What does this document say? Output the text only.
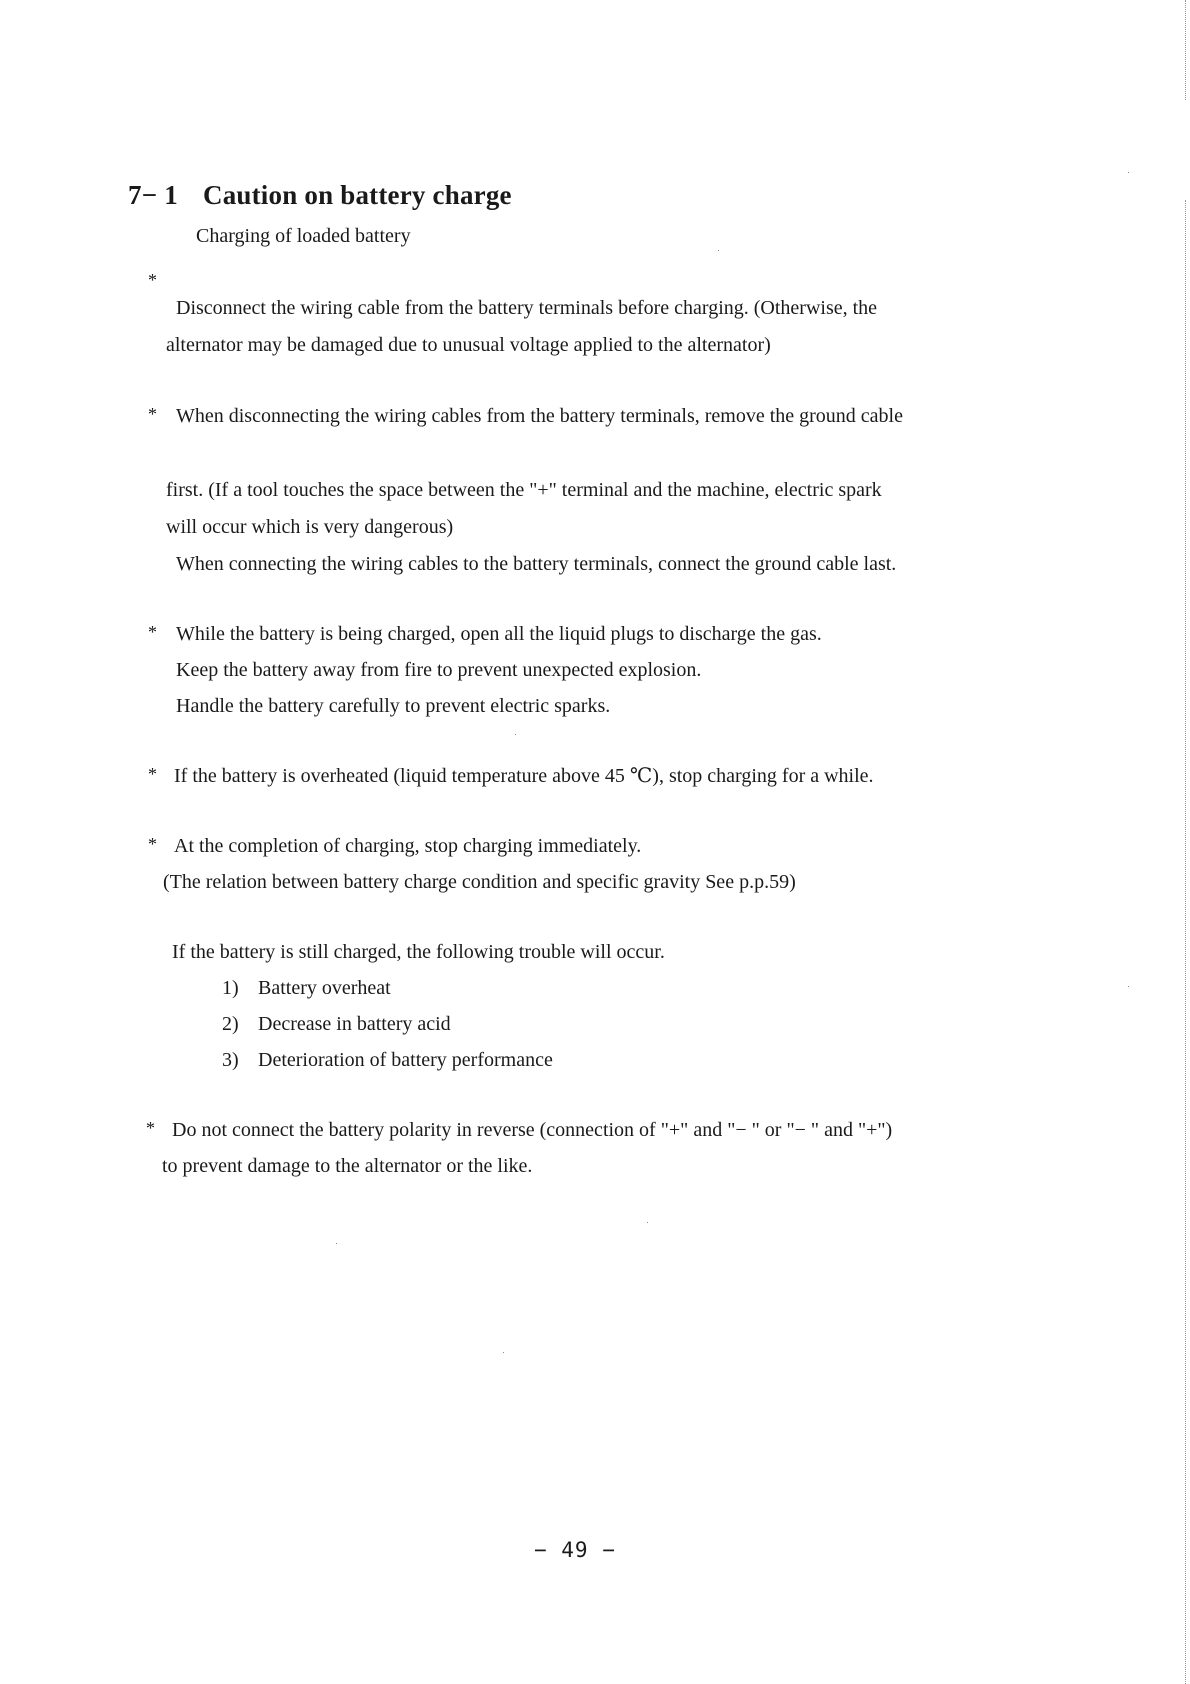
7− 1 Caution on battery charge
Charging of loaded battery
*
Disconnect the wiring cable from the battery terminals before charging. (Otherwise, the
alternator may be damaged due to unusual voltage applied to the alternator)
* When disconnecting the wiring cables from the battery terminals, remove the ground cable
first. (If a tool touches the space between the "+" terminal and the machine, electric spark
will occur which is very dangerous)
When connecting the wiring cables to the battery terminals, connect the ground cable last.
* While the battery is being charged, open all the liquid plugs to discharge the gas.
Keep the battery away from fire to prevent unexpected explosion.
Handle the battery carefully to prevent electric sparks.
* If the battery is overheated (liquid temperature above 45 ℃), stop charging for a while.
* At the completion of charging, stop charging immediately.
(The relation between battery charge condition and specific gravity See p.p.59)
If the battery is still charged, the following trouble will occur.
1) Battery overheat
2) Decrease in battery acid
3) Deterioration of battery performance
* Do not connect the battery polarity in reverse (connection of "+" and "− " or "− " and "+")
to prevent damage to the alternator or the like.
− 49 −
